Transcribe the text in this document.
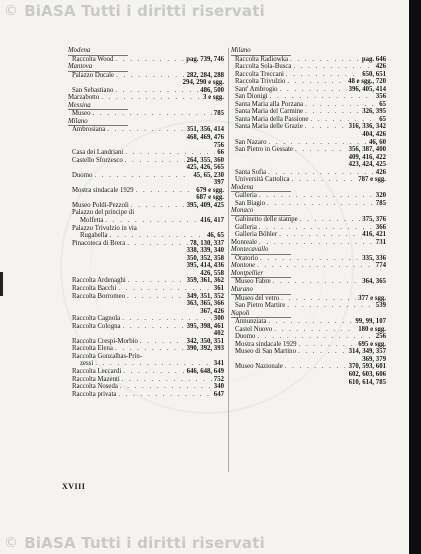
© BiASA Tutti i diritti riservati
Modena
Raccolta Wood . . .	pag. 739, 746
Mantova
Palazzo Ducale . . .	282, 284, 288
294, 290 e sgg.
San Sebastiano . . .	486, 500
Marzabotto . . .	3 e sgg.
Messina
Museo . . .	785
Milano
Ambrosiana . . .	351, 356, 414
468, 469, 476
756
Casa dei Landriani . . .	66
Castello Sforzesco . . .	264, 355, 360
425, 426, 565
Duomo . . .	45, 65, 230
397
Mostra sindacale 1929 . . .	679 e sgg.
687 e sgg.
Museo Poldi-Pezzoli . . .	395, 409, 425
Palazzo del principe di
Molfetta . . .	416, 417
Palazzo Trivulzio in via
Rugabella . . .	46, 65
Pinacoteca di Brera . . .	78, 130, 337
338, 339, 340
350, 352, 358
395, 414, 436
426, 558
Raccolta Ardenaghi . . .	359, 361, 362
Raccolta Bacchi . . .	361
Raccolta Borromeo . . .	349, 351, 352
363, 365, 366
367, 426
Raccolta Cagnola . . .	300
Raccolta Cologna . . .	395, 398, 461
402
Raccolta Crespi-Morbio . . .	342, 350, 351
Raccolta Elena . . .	390, 392, 393
Raccolta Gonzalhas-Prin-
zessi . . .	341
Raccolta Leccardi . . .	646, 648, 649
Raccolta Mazenti . . .	752
Raccolta Noseda . . .	340
Raccolta privata . . .	647
Milano
Raccolta Radiowka . . .	pag. 646
Raccolta Sola-Busca . . .	426
Raccolta Treccani . . .	650, 651
Raccolta Trivulzio . . .	48 e sgg., 720
Sant' Ambrogio . . .	396, 405, 414
San Dionigi . . .	356
Santa Maria alla Porzana . . .	65
Santa Maria del Carmine . . .	326, 395
Santa Maria della Passione . . .	65
Santa Maria delle Grazie . . .	316, 336, 342
404, 426
San Nazaro . . .	46, 60
San Pietro in Gessate . . .	356, 387, 400
409, 416, 422
423, 424, 425
Santa Sofia . . .	426
Università Cattolica . . .	787 e sgg.
Modena
Galleria . . .	320
San Biagio . . .	785
Monaco
Gabinetto delle stampe . . .	375, 376
Galleria . . .	366
Galleria Böhler . . .	416, 421
Monreale . . .	731
Montecavallo
Oratorio . . .	335, 336
Montone . . .	774
Montpellier
Museo Fabre . . .	364, 365
Murano
Museo del vetro . . .	377 e sgg.
San Pietro Martire . . .	539
Napoli
Annunziata . . .	99, 99, 107
Castel Nuovo . . .	180 e sgg.
Duomo . . .	256
Mostra sindacale 1929 . . .	695 e sgg.
Museo di San Martino . . .	314, 349, 357
369, 379
Museo Nazionale . . .	370, 593, 601
602, 603, 606
610, 614, 785
XVIII
© BiASA Tutti i diritti riservati
